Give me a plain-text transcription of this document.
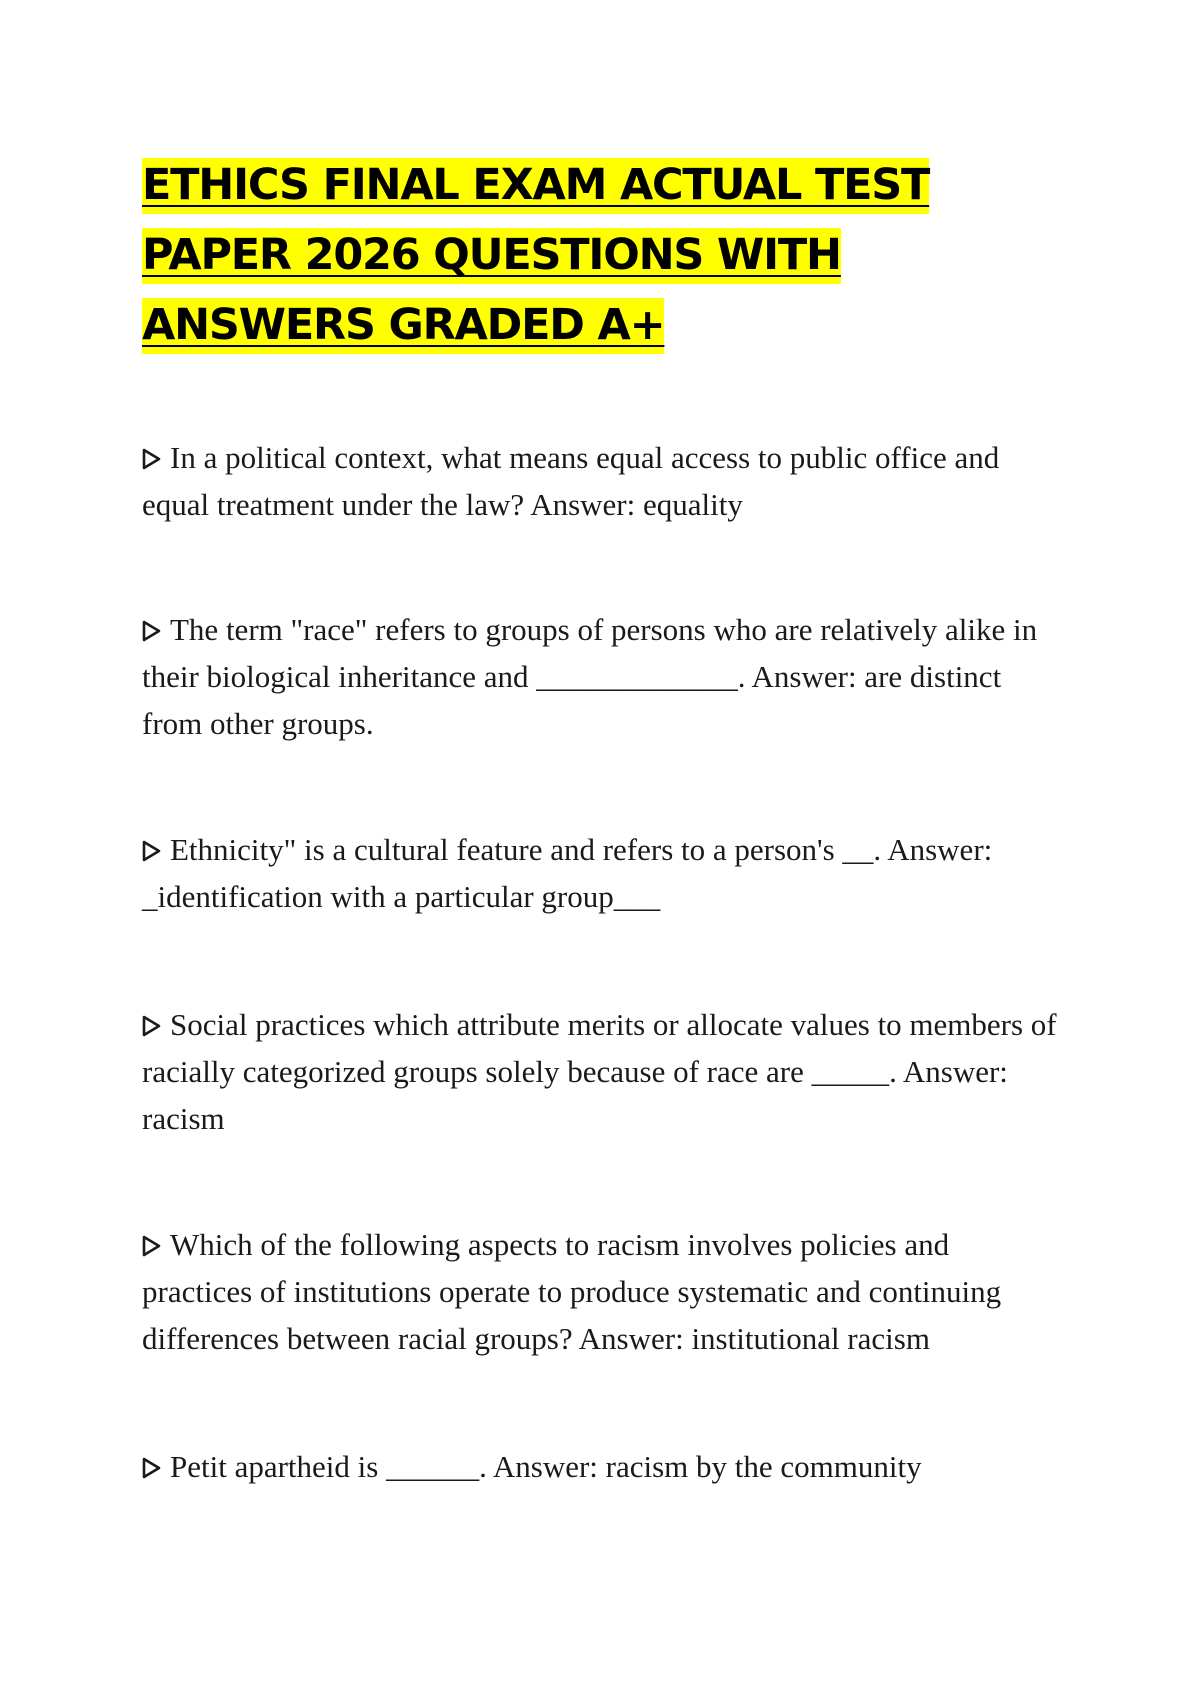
ETHICS FINAL EXAM ACTUAL TEST PAPER 2026 QUESTIONS WITH ANSWERS GRADED A+

In a political context, what means equal access to public office and equal treatment under the law? Answer: equality

The term "race" refers to groups of persons who are relatively alike in their biological inheritance and _____________. Answer: are distinct from other groups.

Ethnicity" is a cultural feature and refers to a person's __. Answer: _identification with a particular group___

Social practices which attribute merits or allocate values to members of racially categorized groups solely because of race are _____. Answer: racism

Which of the following aspects to racism involves policies and practices of institutions operate to produce systematic and continuing differences between racial groups? Answer: institutional racism

Petit apartheid is ______. Answer: racism by the community
